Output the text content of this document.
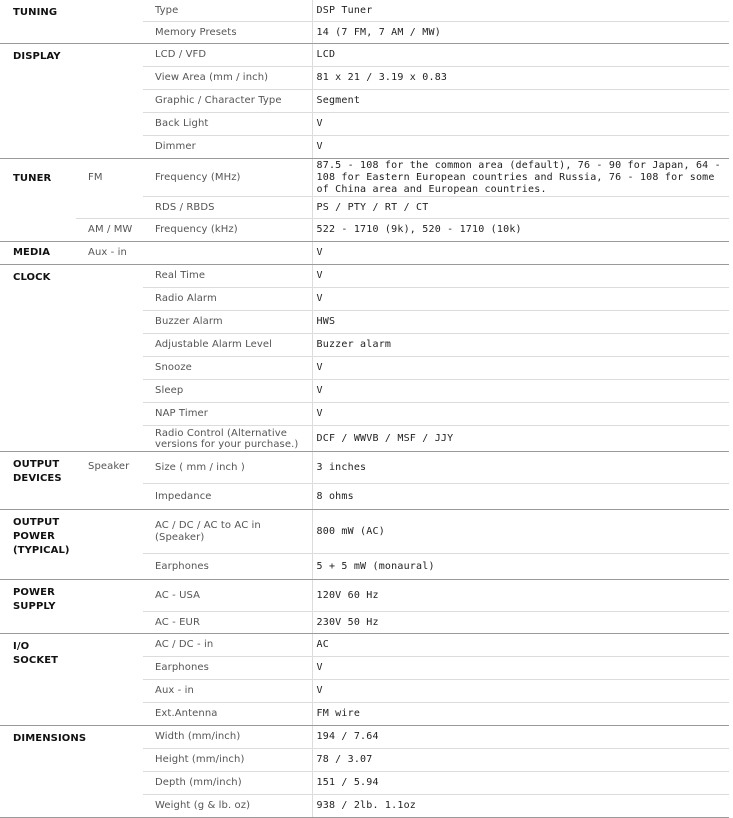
TUNING		Type	DSP Tuner
		Memory Presets	14 (7 FM, 7 AM / MW)
DISPLAY		LCD / VFD	LCD
		View Area (mm / inch)	81 x 21 / 3.19 x 0.83
		Graphic / Character Type	Segment
		Back Light	V
		Dimmer	V
TUNER	FM	Frequency (MHz)	87.5 - 108 for the common area (default), 76 - 90 for Japan, 64 - 108 for Eastern European countries and Russia, 76 - 108 for some of China area and European countries.
		RDS / RBDS	PS / PTY / RT / CT
	AM / MW	Frequency (kHz)	522 - 1710 (9k), 520 - 1710 (10k)
MEDIA	Aux - in		V
CLOCK		Real Time	V
		Radio Alarm	V
		Buzzer Alarm	HWS
		Adjustable Alarm Level	Buzzer alarm
		Snooze	V
		Sleep	V
		NAP Timer	V
		Radio Control (Alternative versions for your purchase.)	DCF / WWVB / MSF / JJY
OUTPUT DEVICES	Speaker	Size ( mm / inch )	3 inches
		Impedance	8 ohms
OUTPUT POWER (TYPICAL)		AC / DC / AC to AC in (Speaker)	800 mW (AC)
		Earphones	5 + 5 mW (monaural)
POWER SUPPLY		AC - USA	120V 60 Hz
		AC - EUR	230V 50 Hz
I/O SOCKET		AC / DC - in	AC
		Earphones	V
		Aux - in	V
		Ext.Antenna	FM wire
DIMENSIONS		Width (mm/inch)	194 / 7.64
		Height (mm/inch)	78 / 3.07
		Depth (mm/inch)	151 / 5.94
		Weight (g & lb. oz)	938 / 2lb. 1.1oz
